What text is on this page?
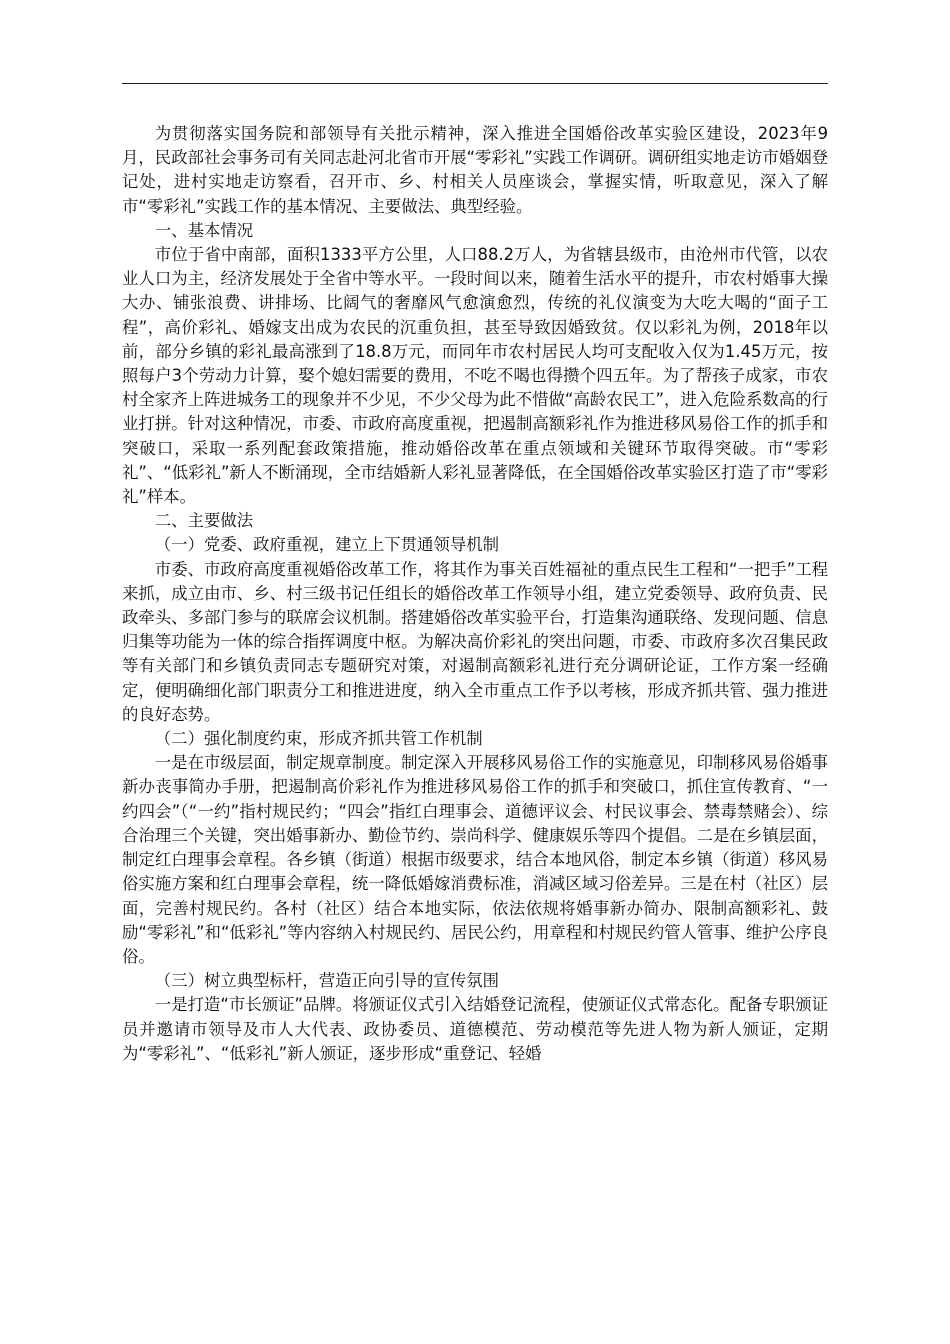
为贯彻落实国务院和部领导有关批示精神，深入推进全国婚俗改革实验区建设，2023年9月，民政部社会事务司有关同志赴河北省市开展“零彩礼”实践工作调研。调研组实地走访市婚姻登记处，进村实地走访察看，召开市、乡、村相关人员座谈会，掌握实情，听取意见，深入了解市“零彩礼”实践工作的基本情况、主要做法、典型经验。

一、基本情况

市位于省中南部，面积1333平方公里，人口88.2万人，为省辖县级市，由沧州市代管，以农业人口为主，经济发展处于全省中等水平。一段时间以来，随着生活水平的提升，市农村婚事大操大办、铺张浪费、讲排场、比阔气的奢靡风气愈演愈烈，传统的礼仪演变为大吃大喝的“面子工程”，高价彩礼、婚嫁支出成为农民的沉重负担，甚至导致因婚致贫。仅以彩礼为例，2018年以前，部分乡镇的彩礼最高涨到了18.8万元，而同年市农村居民人均可支配收入仅为1.45万元，按照每户3个劳动力计算，娶个媳妇需要的费用，不吃不喝也得攒个四五年。为了帮孩子成家，市农村全家齐上阵进城务工的现象并不少见，不少父母为此不惜做“高龄农民工”，进入危险系数高的行业打拼。针对这种情况，市委、市政府高度重视，把遏制高额彩礼作为推进移风易俗工作的抓手和突破口，采取一系列配套政策措施，推动婚俗改革在重点领域和关键环节取得突破。市“零彩礼”、“低彩礼”新人不断涌现，全市结婚新人彩礼显著降低，在全国婚俗改革实验区打造了市“零彩礼”样本。

二、主要做法

（一）党委、政府重视，建立上下贯通领导机制

市委、市政府高度重视婚俗改革工作，将其作为事关百姓福祉的重点民生工程和“一把手”工程来抓，成立由市、乡、村三级书记任组长的婚俗改革工作领导小组，建立党委领导、政府负责、民政牵头、多部门参与的联席会议机制。搭建婚俗改革实验平台，打造集沟通联络、发现问题、信息归集等功能为一体的综合指挥调度中枢。为解决高价彩礼的突出问题，市委、市政府多次召集民政等有关部门和乡镇负责同志专题研究对策，对遏制高额彩礼进行充分调研论证，工作方案一经确定，便明确细化部门职责分工和推进进度，纳入全市重点工作予以考核，形成齐抓共管、强力推进的良好态势。

（二）强化制度约束，形成齐抓共管工作机制

一是在市级层面，制定规章制度。制定深入开展移风易俗工作的实施意见，印制移风易俗婚事新办丧事简办手册，把遏制高价彩礼作为推进移风易俗工作的抓手和突破口，抓住宣传教育、“一约四会”（“一约”指村规民约；“四会”指红白理事会、道德评议会、村民议事会、禁毒禁赌会）、综合治理三个关键，突出婚事新办、勤俭节约、崇尚科学、健康娱乐等四个提倡。二是在乡镇层面，制定红白理事会章程。各乡镇（街道）根据市级要求，结合本地风俗，制定本乡镇（街道）移风易俗实施方案和红白理事会章程，统一降低婚嫁消费标准，消减区域习俗差异。三是在村（社区）层面，完善村规民约。各村（社区）结合本地实际，依法依规将婚事新办简办、限制高额彩礼、鼓励“零彩礼”和“低彩礼”等内容纳入村规民约、居民公约，用章程和村规民约管人管事、维护公序良俗。

（三）树立典型标杆，营造正向引导的宣传氛围

一是打造“市长颁证”品牌。将颁证仪式引入结婚登记流程，使颁证仪式常态化。配备专职颁证员并邀请市领导及市人大代表、政协委员、道德模范、劳动模范等先进人物为新人颁证，定期为“零彩礼”、“低彩礼”新人颁证，逐步形成“重登记、轻婚
